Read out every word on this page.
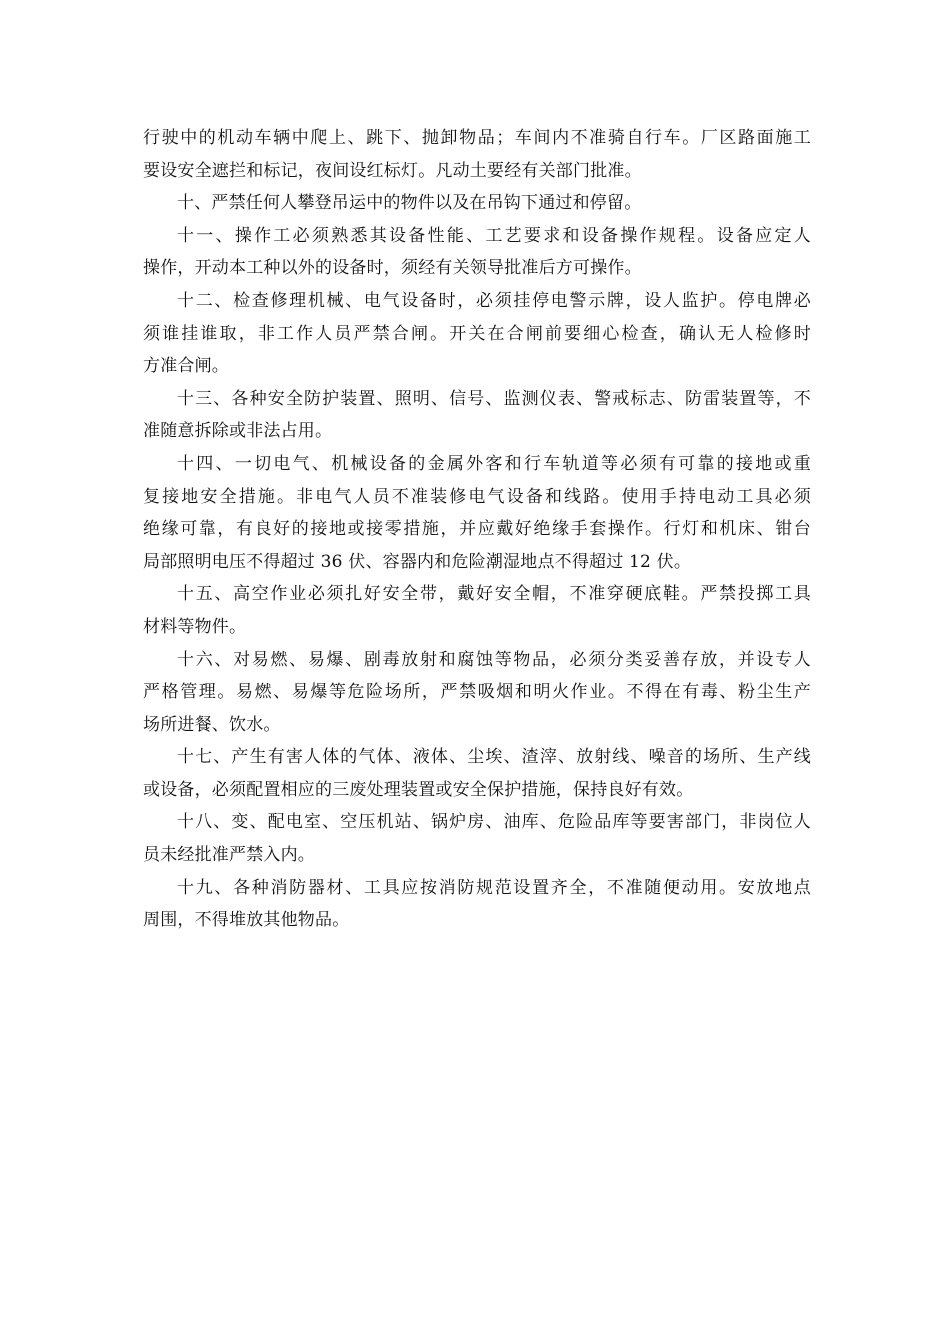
行驶中的机动车辆中爬上、跳下、抛卸物品；车间内不准骑自行车。厂区路面施工
要设安全遮拦和标记，夜间设红标灯。凡动土要经有关部门批准。
十、严禁任何人攀登吊运中的物件以及在吊钩下通过和停留。
十一、操作工必须熟悉其设备性能、工艺要求和设备操作规程。设备应定人
操作，开动本工种以外的设备时，须经有关领导批准后方可操作。
十二、检查修理机械、电气设备时，必须挂停电警示牌，设人监护。停电牌必
须谁挂谁取，非工作人员严禁合闸。开关在合闸前要细心检查，确认无人检修时
方准合闸。
十三、各种安全防护装置、照明、信号、监测仪表、警戒标志、防雷装置等，不
准随意拆除或非法占用。
十四、一切电气、机械设备的金属外客和行车轨道等必须有可靠的接地或重
复接地安全措施。非电气人员不准装修电气设备和线路。使用手持电动工具必须
绝缘可靠，有良好的接地或接零措施，并应戴好绝缘手套操作。行灯和机床、钳台
局部照明电压不得超过 36 伏、容器内和危险潮湿地点不得超过 12 伏。
十五、高空作业必须扎好安全带，戴好安全帽，不准穿硬底鞋。严禁投掷工具
材料等物件。
十六、对易燃、易爆、剧毒放射和腐蚀等物品，必须分类妥善存放，并设专人
严格管理。易燃、易爆等危险场所，严禁吸烟和明火作业。不得在有毒、粉尘生产
场所进餐、饮水。
十七、产生有害人体的气体、液体、尘埃、渣滓、放射线、噪音的场所、生产线
或设备，必须配置相应的三废处理装置或安全保护措施，保持良好有效。
十八、变、配电室、空压机站、锅炉房、油库、危险品库等要害部门，非岗位人
员未经批准严禁入内。
十九、各种消防器材、工具应按消防规范设置齐全，不准随便动用。安放地点
周围，不得堆放其他物品。
